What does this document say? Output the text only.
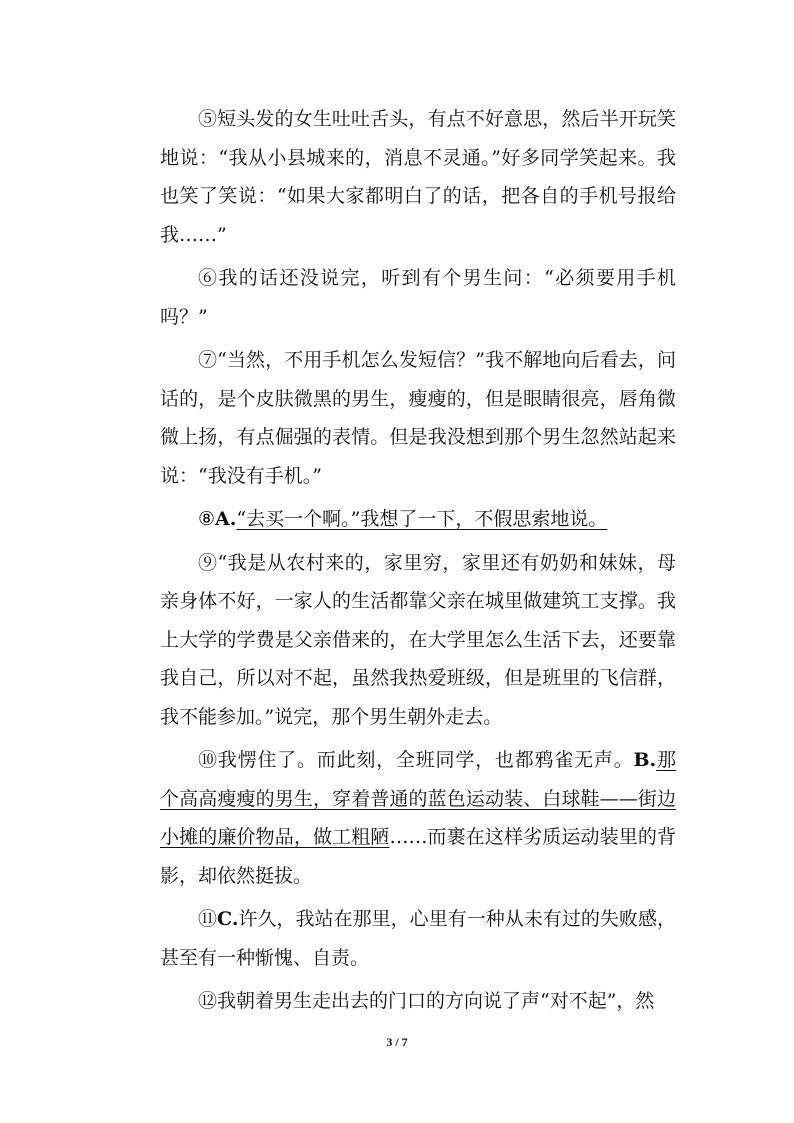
⑤短头发的女生吐吐舌头，有点不好意思，然后半开玩笑地说：“我从小县城来的，消息不灵通。”好多同学笑起来。我也笑了笑说：“如果大家都明白了的话，把各自的手机号报给我……”

⑥我的话还没说完，听到有个男生问：“必须要用手机吗？”

⑦“当然，不用手机怎么发短信？”我不解地向后看去，问话的，是个皮肤微黑的男生，瘦瘦的，但是眼睛很亮，唇角微微上扬，有点倔强的表情。但是我没想到那个男生忽然站起来说：“我没有手机。”

⑧A.“去买一个啊。”我想了一下，不假思索地说。

⑨“我是从农村来的，家里穷，家里还有奶奶和妹妹，母亲身体不好，一家人的生活都靠父亲在城里做建筑工支撑。我上大学的学费是父亲借来的，在大学里怎么生活下去，还要靠我自己，所以对不起，虽然我热爱班级，但是班里的飞信群，我不能参加。”说完，那个男生朝外走去。

⑩我愣住了。而此刻，全班同学，也都鸦雀无声。B.那个高高瘦瘦的男生，穿着普通的蓝色运动装、白球鞋——街边小摊的廉价物品，做工粗陋……而裹在这样劣质运动装里的背影，却依然挺拔。

⑪C.许久，我站在那里，心里有一种从未有过的失败感，甚至有一种惭愧、自责。

⑫我朝着男生走出去的门口的方向说了声“对不起”，然

3 / 7
